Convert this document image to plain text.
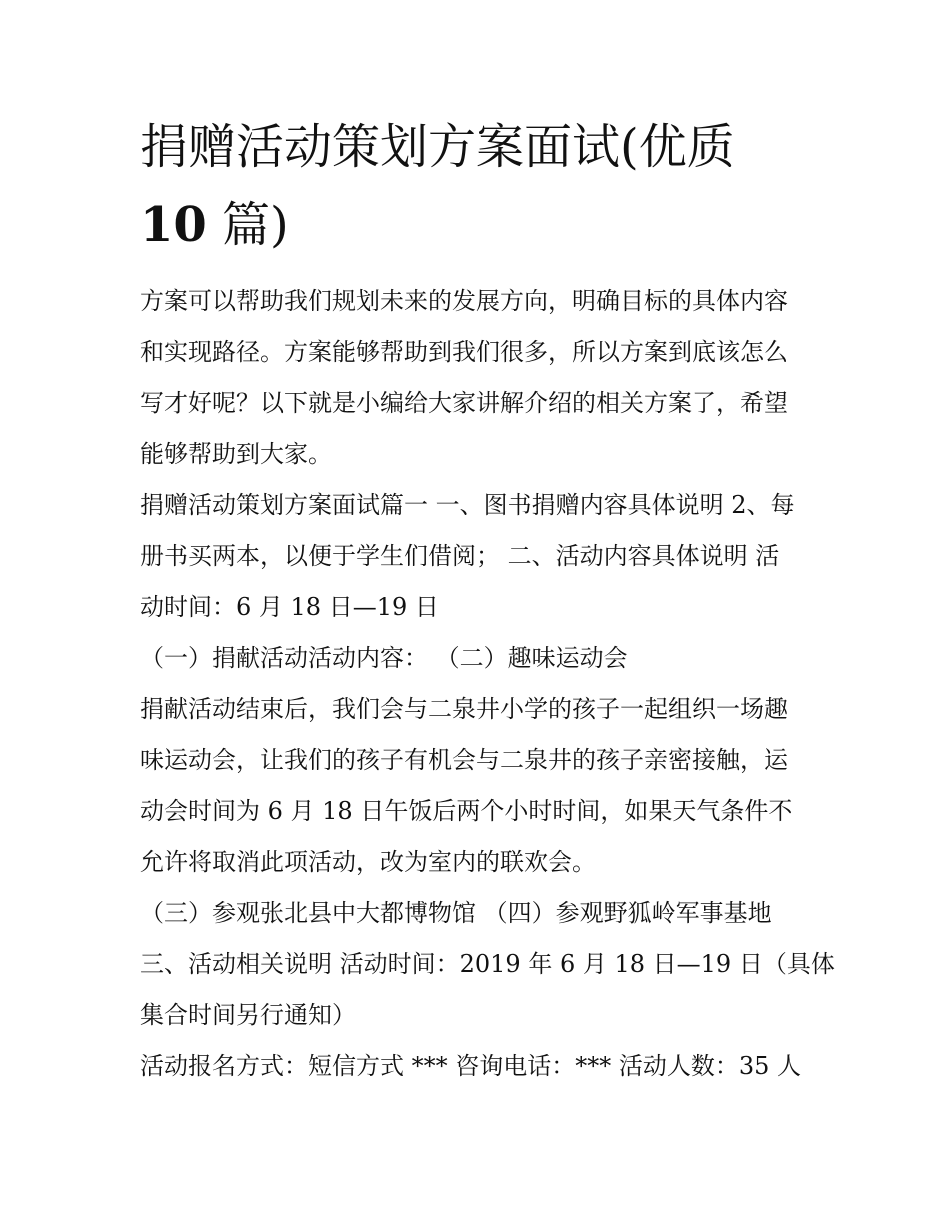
捐赠活动策划方案面试(优质
10 篇)
方案可以帮助我们规划未来的发展方向，明确目标的具体内容
和实现路径。方案能够帮助到我们很多，所以方案到底该怎么
写才好呢？以下就是小编给大家讲解介绍的相关方案了，希望
能够帮助到大家。
捐赠活动策划方案面试篇一 一、图书捐赠内容具体说明 2、每
册书买两本，以便于学生们借阅； 二、活动内容具体说明 活
动时间：6 月 18 日—19 日
（一）捐献活动活动内容： （二）趣味运动会
捐献活动结束后，我们会与二泉井小学的孩子一起组织一场趣
味运动会，让我们的孩子有机会与二泉井的孩子亲密接触，运
动会时间为 6 月 18 日午饭后两个小时时间，如果天气条件不
允许将取消此项活动，改为室内的联欢会。
（三）参观张北县中大都博物馆 （四）参观野狐岭军事基地
三、活动相关说明 活动时间：2019 年 6 月 18 日—19 日（具体
集合时间另行通知）
活动报名方式：短信方式 *** 咨询电话：*** 活动人数：35 人
